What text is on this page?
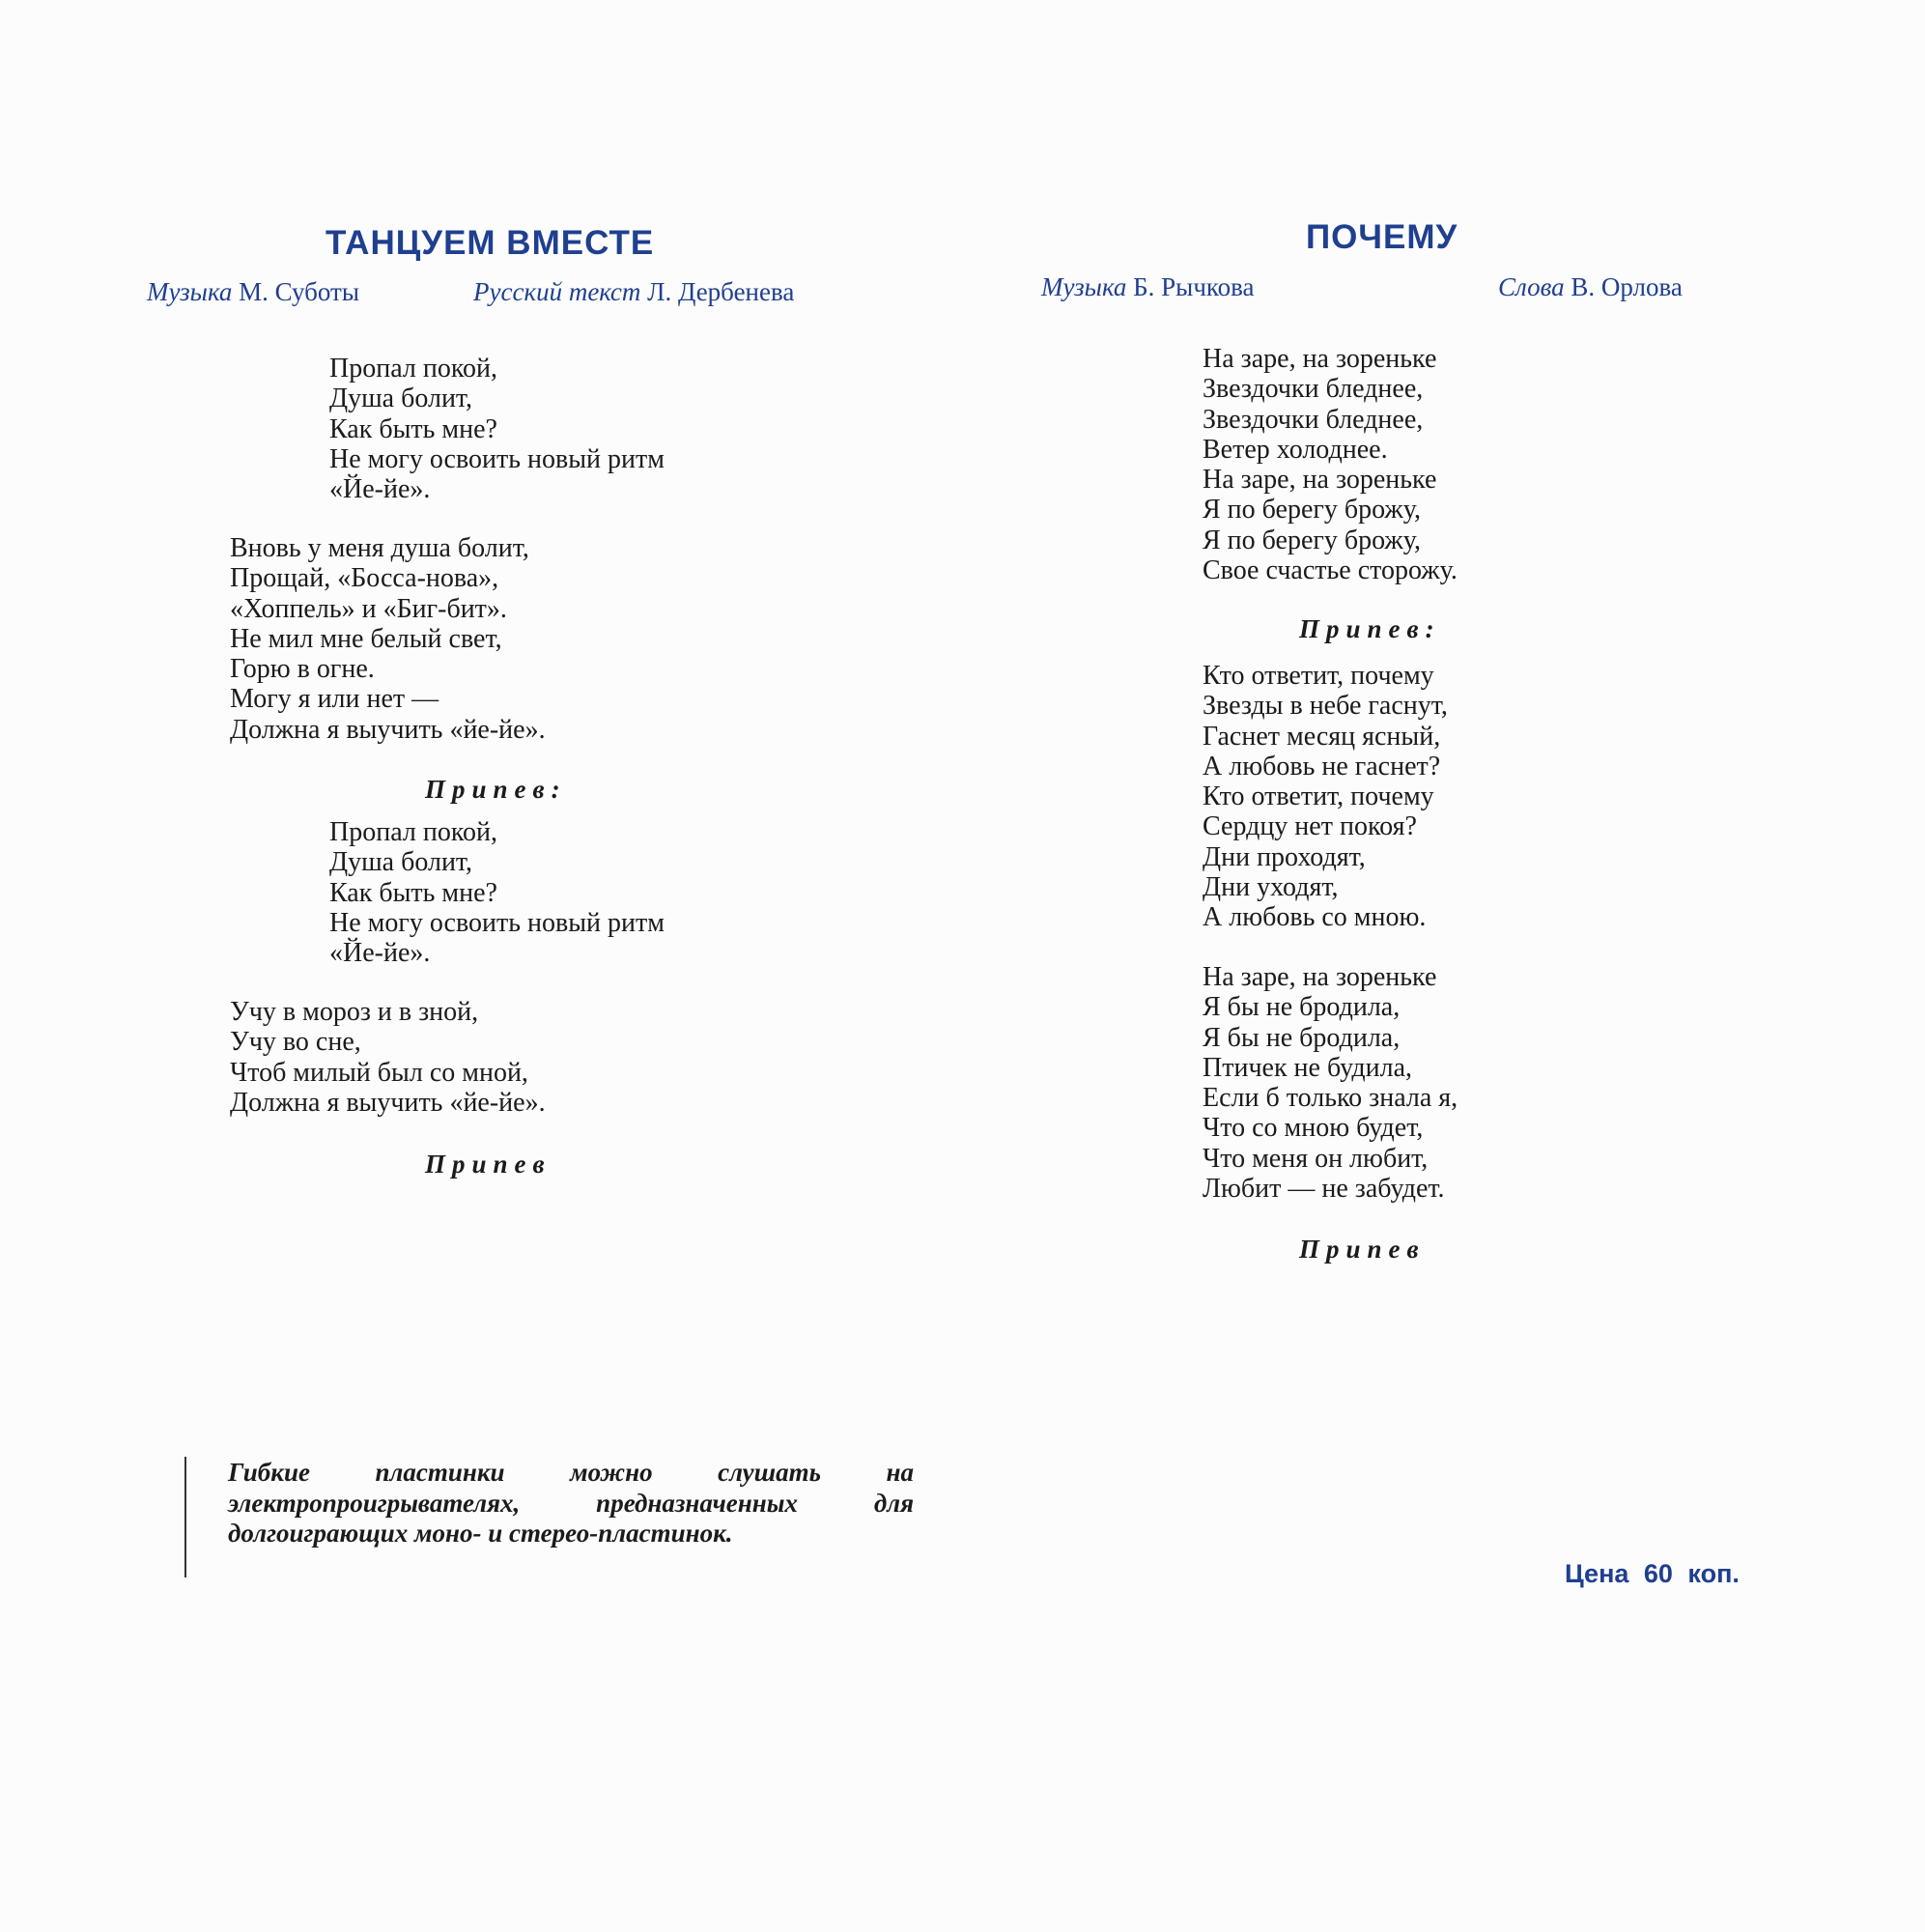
ТАНЦУЕМ ВМЕСТЕ
Музыка М. Суботы	Русский текст Л. Дербенева
Пропал покой,
Душа болит,
Как быть мне?
Не могу освоить новый ритм
«Йе-йе».
Вновь у меня душа болит,
Прощай, «Босса-нова»,
«Хоппель» и «Биг-бит».
Не мил мне белый свет,
Горю в огне.
Могу я или нет —
Должна я выучить «йе-йе».
Припев:
Пропал покой,
Душа болит,
Как быть мне?
Не могу освоить новый ритм
«Йе-йе».
Учу в мороз и в зной,
Учу во сне,
Чтоб милый был со мной,
Должна я выучить «йе-йе».
Припев
ПОЧЕМУ
Музыка Б. Рычкова	Слова В. Орлова
На заре, на зореньке
Звездочки бледнее,
Звездочки бледнее,
Ветер холоднее.
На заре, на зореньке
Я по берегу брожу,
Я по берегу брожу,
Свое счастье сторожу.
Припев:
Кто ответит, почему
Звезды в небе гаснут,
Гаснет месяц ясный,
А любовь не гаснет?
Кто ответит, почему
Сердцу нет покоя?
Дни проходят,
Дни уходят,
А любовь со мною.
На заре, на зореньке
Я бы не бродила,
Я бы не бродила,
Птичек не будила,
Если б только знала я,
Что со мною будет,
Что меня он любит,
Любит — не забудет.
Припев
Гибкие пластинки можно слушать на электропроигрывателях, предназначенных для долгоиграющих моно- и стерео-пластинок.
Цена 60 коп.
